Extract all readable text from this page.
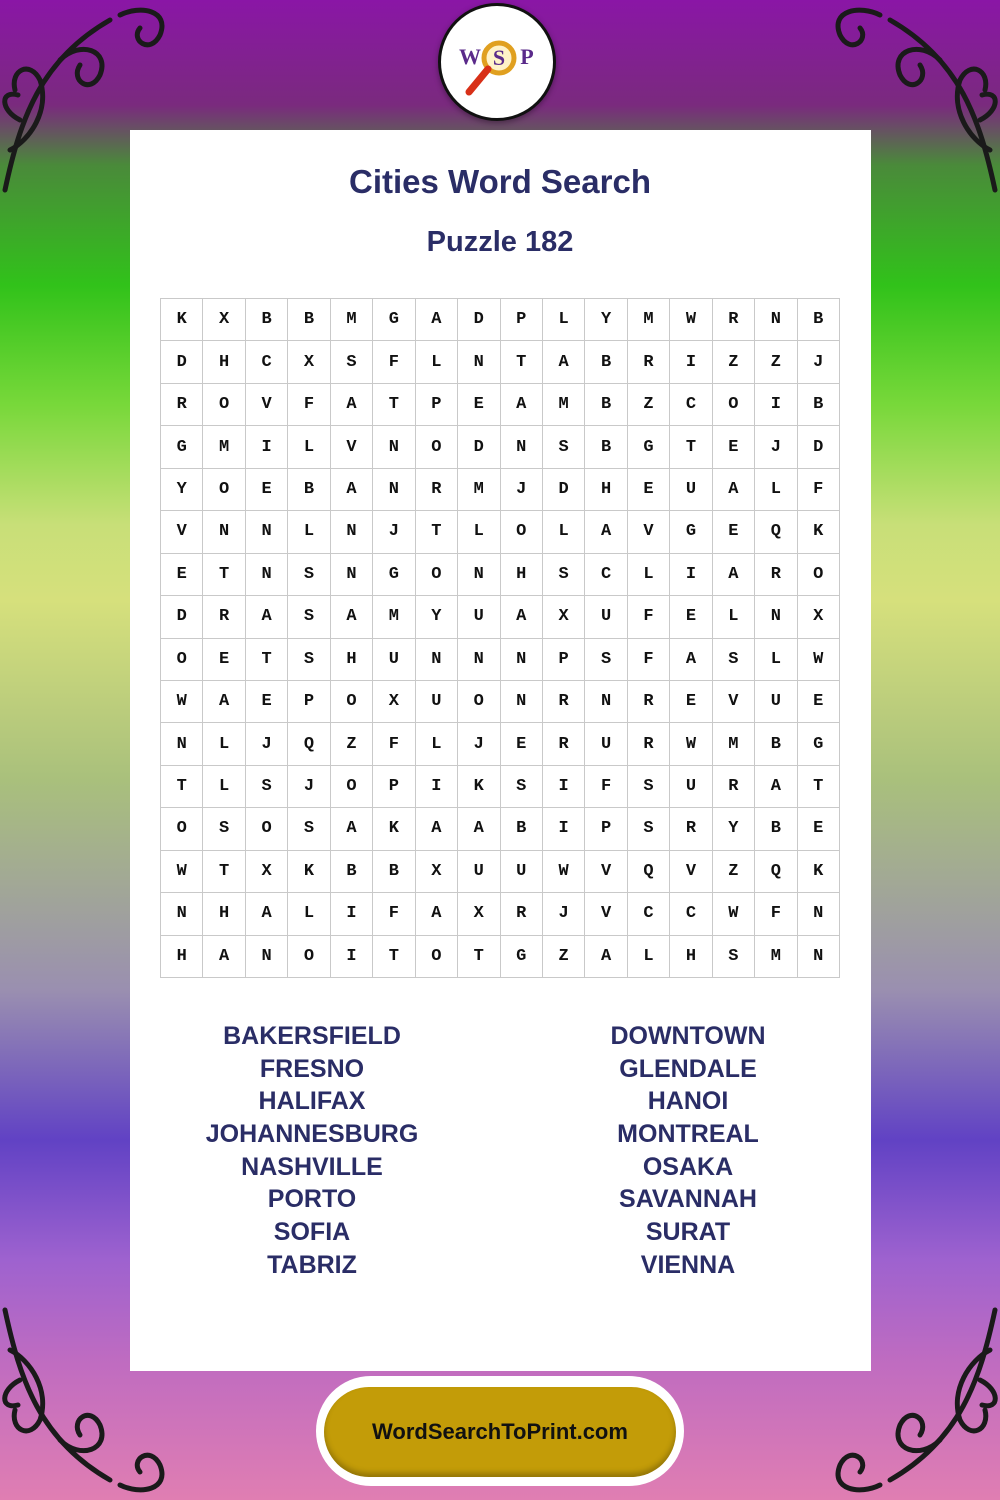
W S P
Cities Word Search
Puzzle 182
K	X	B	B	M	G	A	D	P	L	Y	M	W	R	N	B
D	H	C	X	S	F	L	N	T	A	B	R	I	Z	Z	J
R	O	V	F	A	T	P	E	A	M	B	Z	C	O	I	B
G	M	I	L	V	N	O	D	N	S	B	G	T	E	J	D
Y	O	E	B	A	N	R	M	J	D	H	E	U	A	L	F
V	N	N	L	N	J	T	L	O	L	A	V	G	E	Q	K
E	T	N	S	N	G	O	N	H	S	C	L	I	A	R	O
D	R	A	S	A	M	Y	U	A	X	U	F	E	L	N	X
O	E	T	S	H	U	N	N	N	P	S	F	A	S	L	W
W	A	E	P	O	X	U	O	N	R	N	R	E	V	U	E
N	L	J	Q	Z	F	L	J	E	R	U	R	W	M	B	G
T	L	S	J	O	P	I	K	S	I	F	S	U	R	A	T
O	S	O	S	A	K	A	A	B	I	P	S	R	Y	B	E
W	T	X	K	B	B	X	U	U	W	V	Q	V	Z	Q	K
N	H	A	L	I	F	A	X	R	J	V	C	C	W	F	N
H	A	N	O	I	T	O	T	G	Z	A	L	H	S	M	N
BAKERSFIELD
FRESNO
HALIFAX
JOHANNESBURG
NASHVILLE
PORTO
SOFIA
TABRIZ
DOWNTOWN
GLENDALE
HANOI
MONTREAL
OSAKA
SAVANNAH
SURAT
VIENNA
WordSearchToPrint.com
